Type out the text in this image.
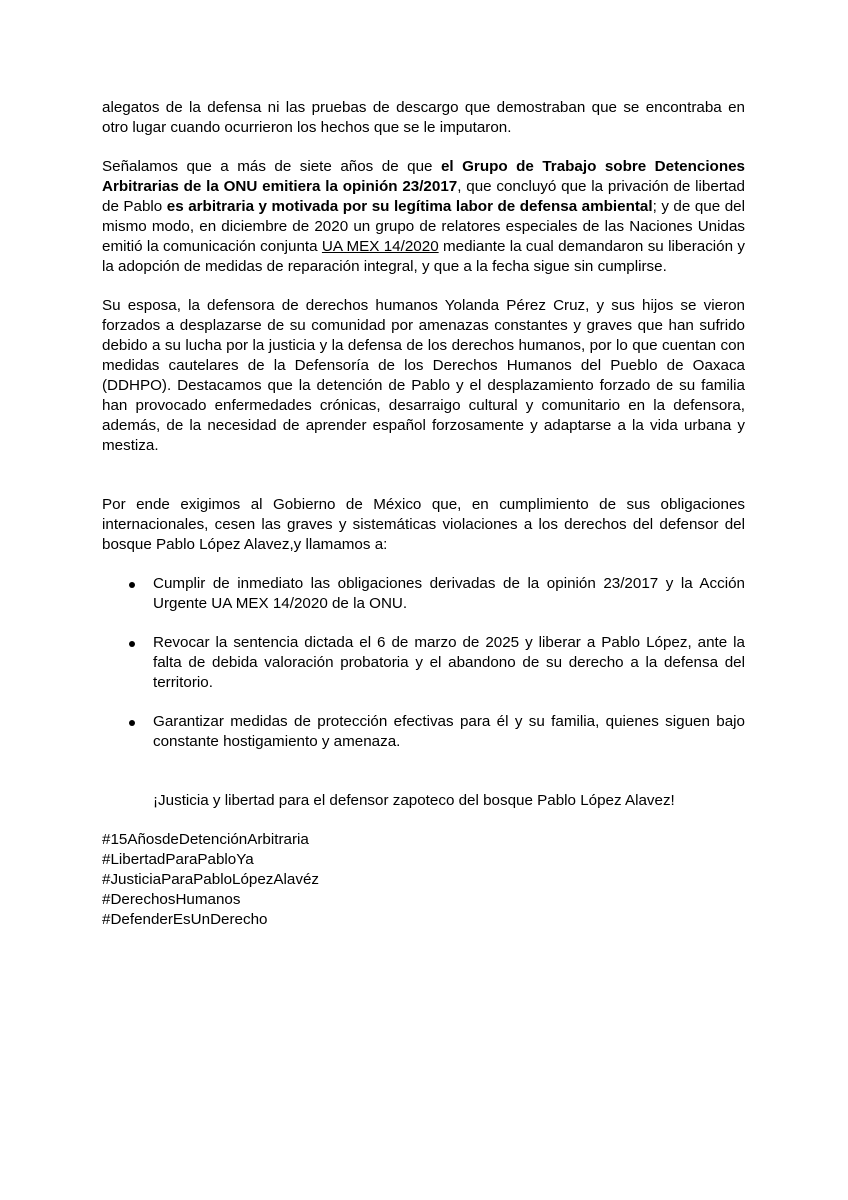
alegatos de la defensa ni las pruebas de descargo que demostraban que se encontraba en otro lugar cuando ocurrieron los hechos que se le imputaron.

Señalamos que a más de siete años de que el Grupo de Trabajo sobre Detenciones Arbitrarias de la ONU emitiera la opinión 23/2017, que concluyó que la privación de libertad de Pablo es arbitraria y motivada por su legítima labor de defensa ambiental; y de que del mismo modo, en diciembre de 2020 un grupo de relatores especiales de las Naciones Unidas emitió la comunicación conjunta UA MEX 14/2020 mediante la cual demandaron su liberación y la adopción de medidas de reparación integral, y que a la fecha sigue sin cumplirse.

Su esposa, la defensora de derechos humanos Yolanda Pérez Cruz, y sus hijos se vieron forzados a desplazarse de su comunidad por amenazas constantes y graves que han sufrido debido a su lucha por la justicia y la defensa de los derechos humanos, por lo que cuentan con medidas cautelares de la Defensoría de los Derechos Humanos del Pueblo de Oaxaca (DDHPO). Destacamos que la detención de Pablo y el desplazamiento forzado de su familia han provocado enfermedades crónicas, desarraigo cultural y comunitario en la defensora, además, de la necesidad de aprender español forzosamente y adaptarse a la vida urbana y mestiza.

Por ende exigimos al Gobierno de México que, en cumplimiento de sus obligaciones internacionales, cesen las graves y sistemáticas violaciones a los derechos del defensor del bosque Pablo López Alavez,y llamamos a:

Cumplir de inmediato las obligaciones derivadas de la opinión 23/2017 y la Acción Urgente UA MEX 14/2020 de la ONU.

Revocar la sentencia dictada el 6 de marzo de 2025 y liberar a Pablo López, ante la falta de debida valoración probatoria y el abandono de su derecho a la defensa del territorio.

Garantizar medidas de protección efectivas para él y su familia, quienes siguen bajo constante hostigamiento y amenaza.

¡Justicia y libertad para el defensor zapoteco del bosque Pablo López Alavez!

#15AñosdeDetenciónArbitraria

#LibertadParaPabloYa

#JusticiaParaPabloLópezAlavéz

#DerechosHumanos

#DefenderEsUnDerecho
